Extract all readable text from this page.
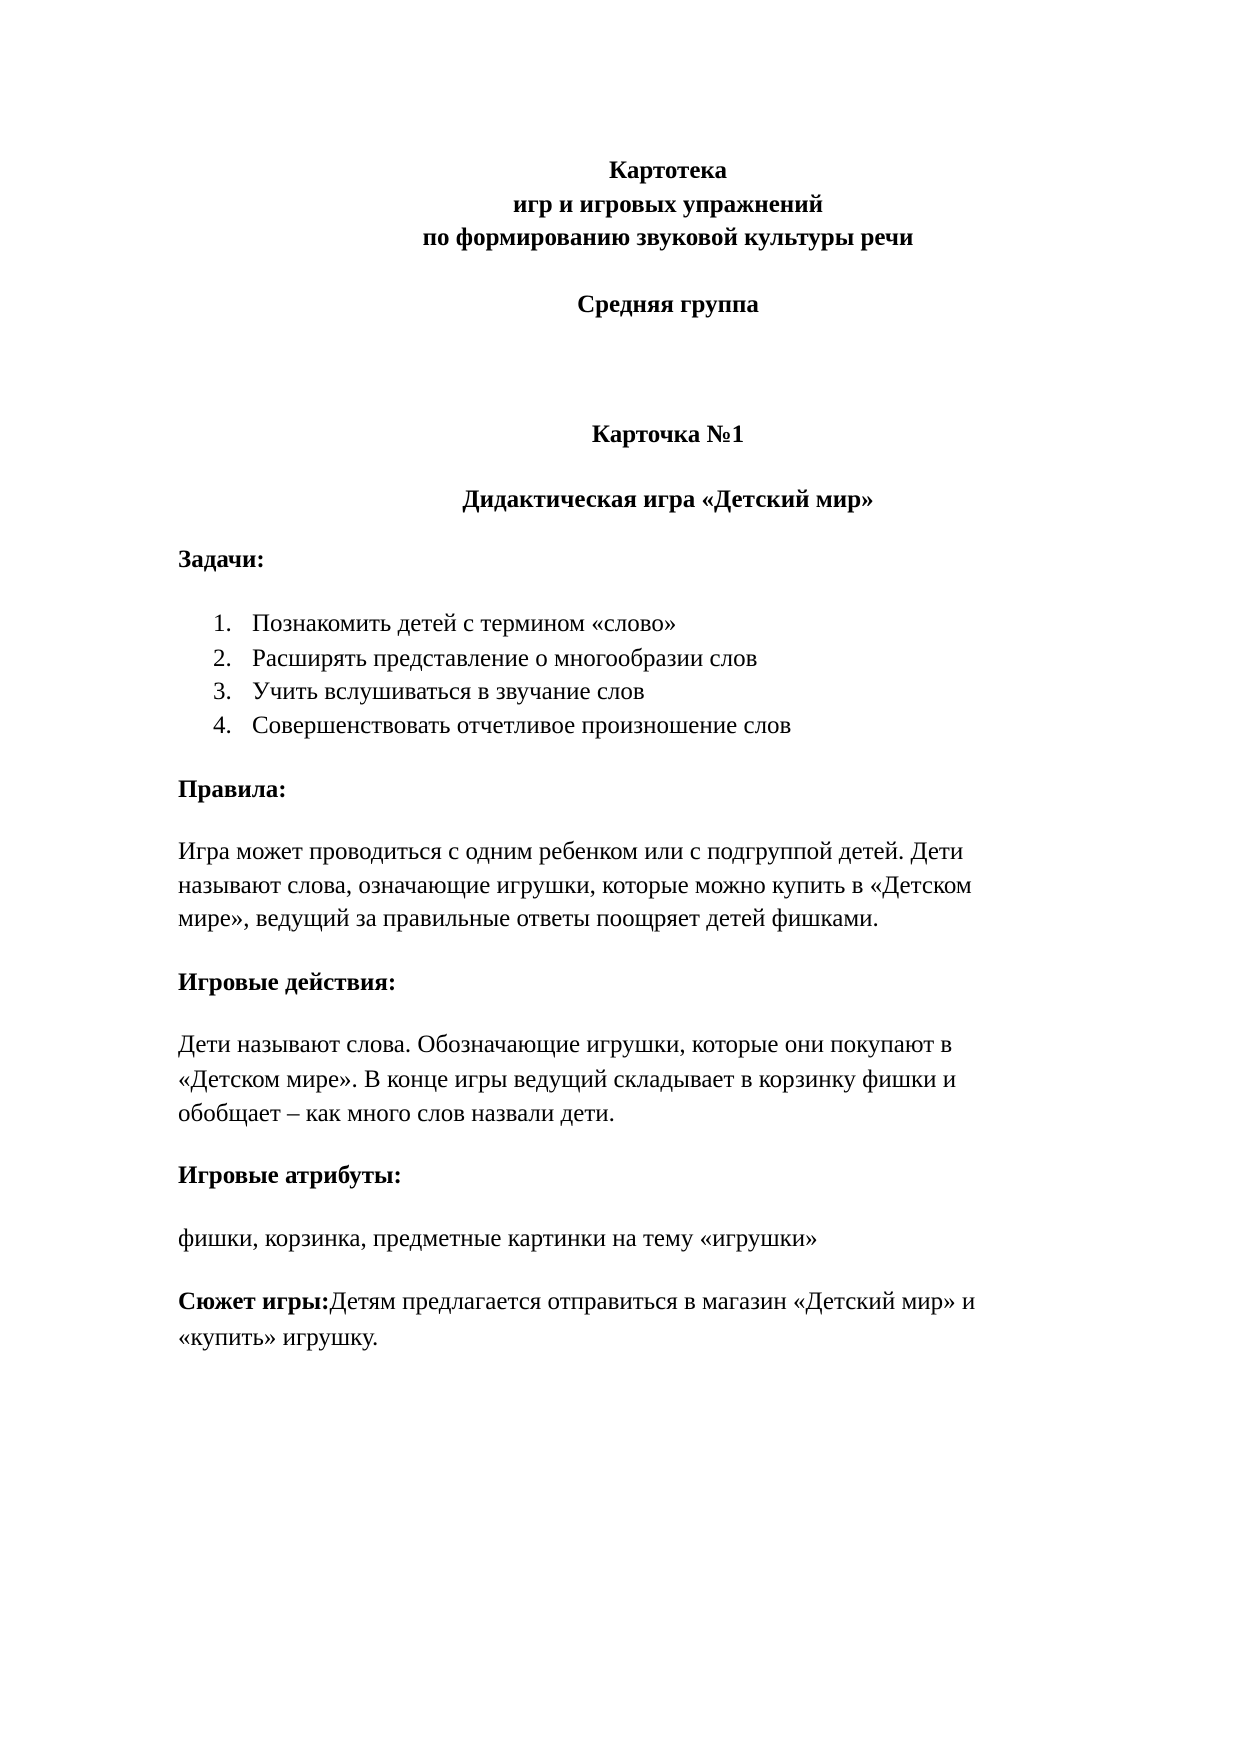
Картотека
игр и игровых упражнений
по формированию звуковой культуры речи
Средняя группа
Карточка №1
Дидактическая игра «Детский мир»
Задачи:
1. Познакомить детей с термином «слово»
2. Расширять представление о многообразии слов
3. Учить вслушиваться в звучание слов
4. Совершенствовать отчетливое произношение слов
Правила:
Игра может проводиться с одним ребенком или с подгруппой детей. Дети
называют слова, означающие игрушки, которые можно купить в «Детском
мире», ведущий за правильные ответы поощряет детей фишками.
Игровые действия:
Дети называют слова. Обозначающие игрушки, которые они покупают в
«Детском мире». В конце игры ведущий складывает в корзинку фишки и
обобщает – как много слов назвали дети.
Игровые атрибуты:
фишки, корзинка, предметные картинки на тему «игрушки»
Сюжет игры:Детям предлагается отправиться в магазин «Детский мир» и
«купить» игрушку.
